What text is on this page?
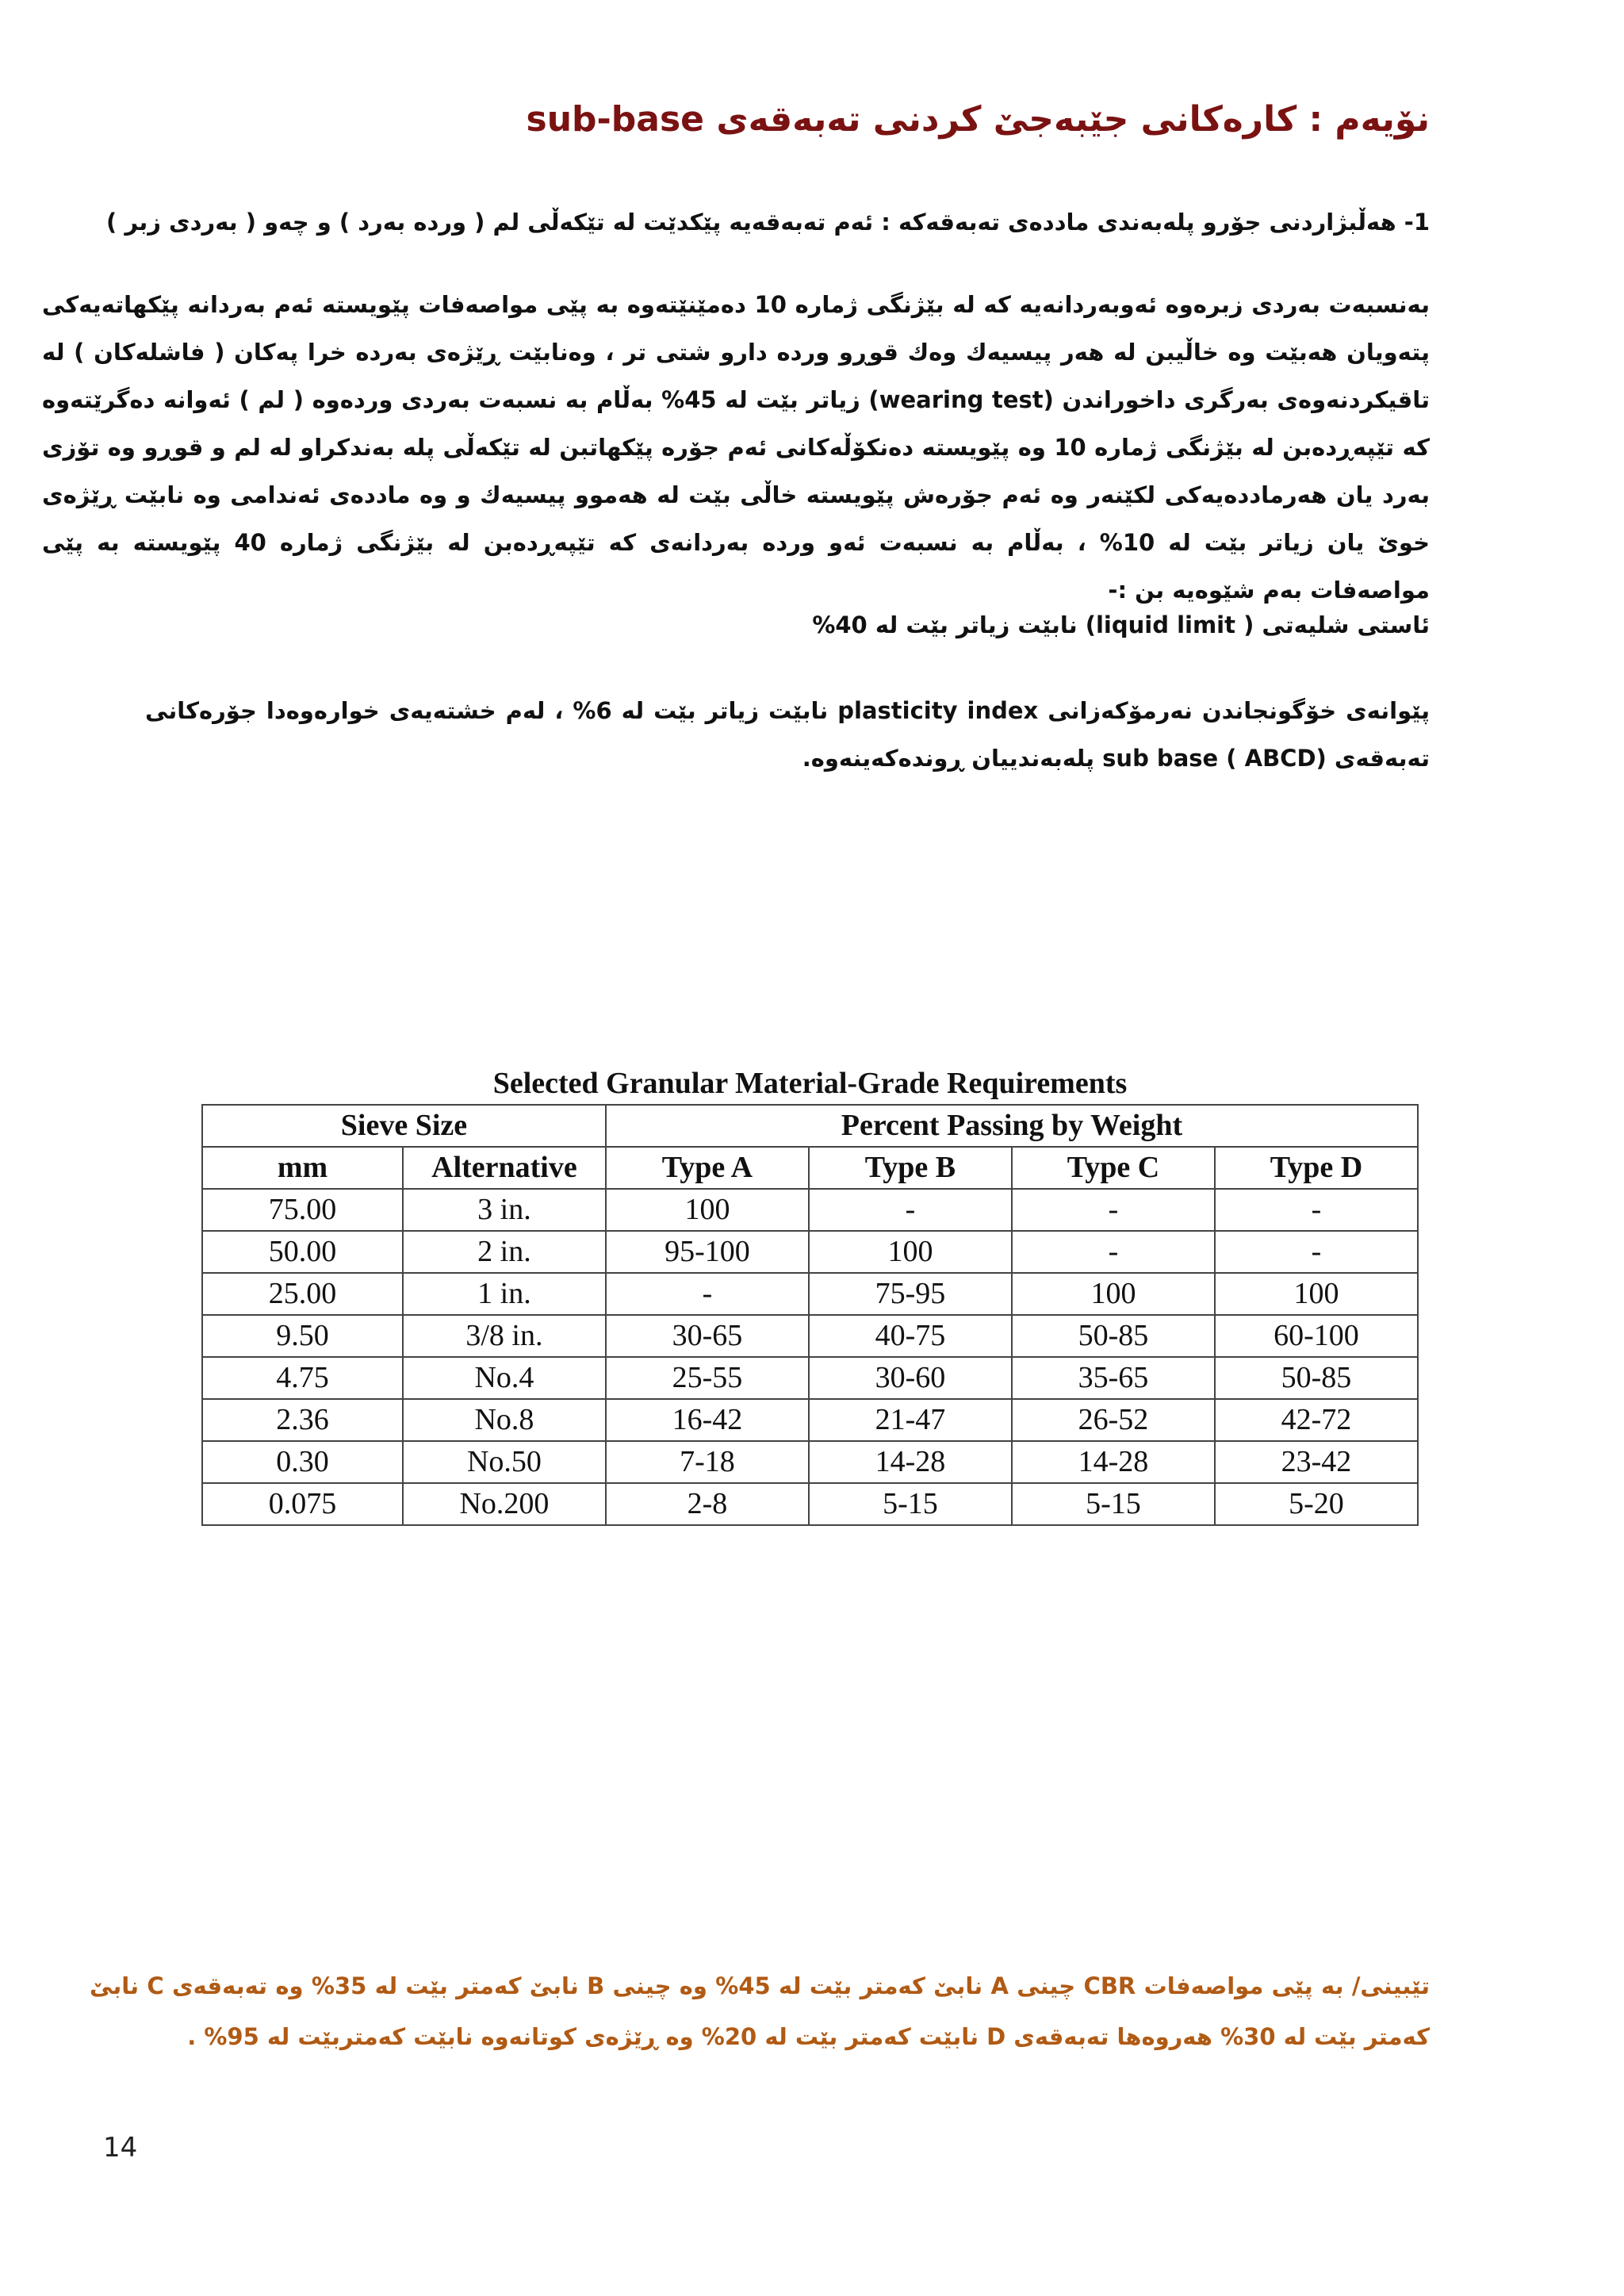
نۆیەم : کارەکانی جێبەجێ کردنی تەبەقەی sub-base
1- هەڵبژاردنی جۆرو پلەبەندی ماددەی تەبەقەکە : ئەم تەبەقەیە پێکدێت لە تێکەڵی لم ( وردە بەرد ) و چەو ( بەردی زبر )
بەنسبەت بەردی زبرەوە ئەوبەردانەیە کە لە بێژنگی ژمارە 10 دەمێنێتەوە بە پێی مواصەفات پێویستە ئەم بەردانە پێکهاتەیەکی پتەویان هەبێت وە خاڵیبن لە هەر پیسیەك وەك قوڕو وردە دارو شتی تر ، وەنابێت ڕێژەی بەردە خرا پەکان ( فاشلەکان ) لە تاقیکردنەوەی بەرگری داخوراندن (wearing test) زیاتر بێت لە 45% بەڵام بە نسبەت بەردی وردەوە ( لم ) ئەوانە دەگرێتەوە کە تێپەڕدەبن لە بێژنگی ژمارە 10 وە پێویستە دەنکۆڵەکانی ئەم جۆرە پێکهاتبن لە تێکەڵی پلە بەندکراو لە لم و قوڕو وە تۆزی بەرد یان هەرماددەیەکی لکێنەر وە ئەم جۆرەش پێویستە خاڵی بێت لە هەموو پیسیەك و وە ماددەی ئەندامی وە نابێت ڕێژەی خوێ یان زیاتر بێت لە 10% ، بەڵام بە نسبەت ئەو وردە بەردانەی کە تێپەڕدەبن لە بێژنگی ژمارە 40 پێویستە بە پێی مواصەفات بەم شێوەیە بن :-
ئاستی شلیەتی ( liquid limit) نابێت زیاتر بێت لە 40%
پێوانەی خۆگونجاندن نەرمۆکەزانی plasticity index نابێت زیاتر بێت لە 6% ، لەم خشتەیەی خوارەوەدا جۆرەکانی تەبەقەی sub base ( ABCD) پلەبەندییان ڕوندەکەینەوە.
Selected Granular Material-Grade Requirements
Sieve Size		Percent Passing by Weight			
mm	Alternative	Type A	Type B	Type C	Type D
75.00	3 in.	100	-	-	-
50.00	2 in.	95-100	100	-	-
25.00	1 in.	-	75-95	100	100
9.50	3/8 in.	30-65	40-75	50-85	60-100
4.75	No.4	25-55	30-60	35-65	50-85
2.36	No.8	16-42	21-47	26-52	42-72
0.30	No.50	7-18	14-28	14-28	23-42
0.075	No.200	2-8	5-15	5-15	5-20
تێبینی/ بە پێی مواصەفات CBR چینی A نابێ کەمتر بێت لە 45% وە چینی B نابێ کەمتر بێت لە 35% وە تەبەقەی C نابێ کەمتر بێت لە 30% هەروەها تەبەقەی D نابێت کەمتر بێت لە 20% وە ڕێژەی کوتانەوە نابێت کەمتربێت لە 95% .
14
